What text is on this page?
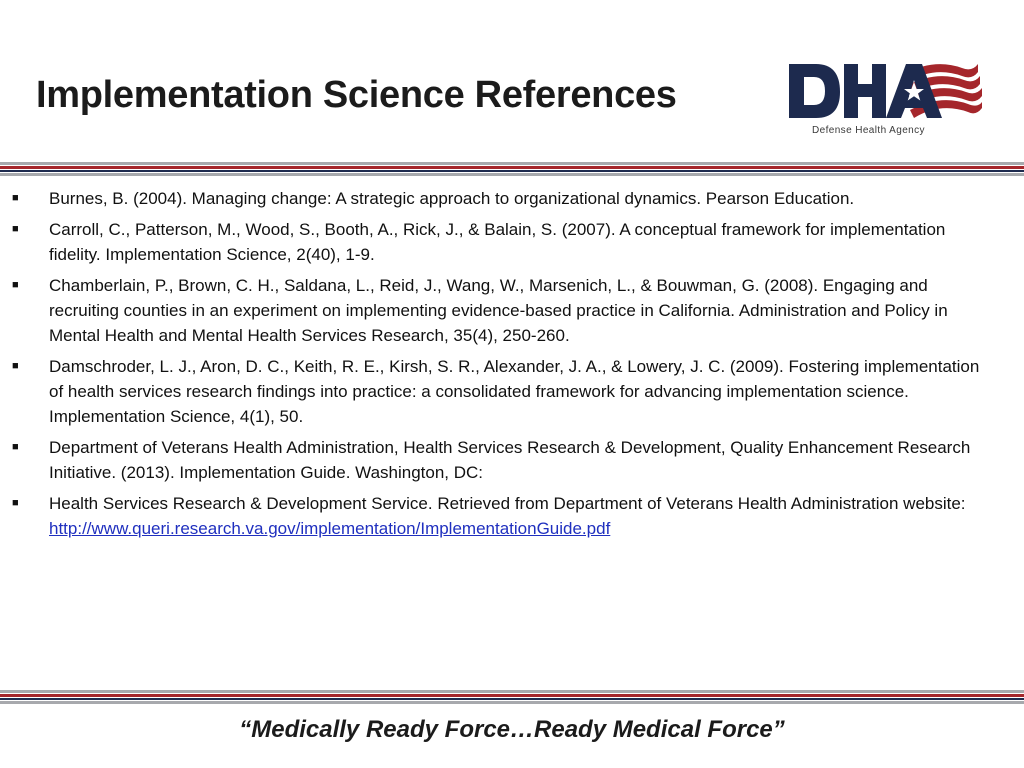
Implementation Science References
Defense Health Agency
■ Burnes, B. (2004). Managing change: A strategic approach to organizational dynamics. Pearson Education.
■ Carroll, C., Patterson, M., Wood, S., Booth, A., Rick, J., & Balain, S. (2007). A conceptual framework for implementation fidelity. Implementation Science, 2(40), 1-9.
■ Chamberlain, P., Brown, C. H., Saldana, L., Reid, J., Wang, W., Marsenich, L., & Bouwman, G. (2008). Engaging and recruiting counties in an experiment on implementing evidence-based practice in California. Administration and Policy in Mental Health and Mental Health Services Research, 35(4), 250-260.
■ Damschroder, L. J., Aron, D. C., Keith, R. E., Kirsh, S. R., Alexander, J. A., & Lowery, J. C. (2009). Fostering implementation of health services research findings into practice: a consolidated framework for advancing implementation science. Implementation Science, 4(1), 50.
■ Department of Veterans Health Administration, Health Services Research & Development, Quality Enhancement Research Initiative. (2013). Implementation Guide. Washington, DC:
■ Health Services Research & Development Service. Retrieved from Department of Veterans Health Administration website: http://www.queri.research.va.gov/implementation/ImplementationGuide.pdf
“Medically Ready Force…Ready Medical Force”
